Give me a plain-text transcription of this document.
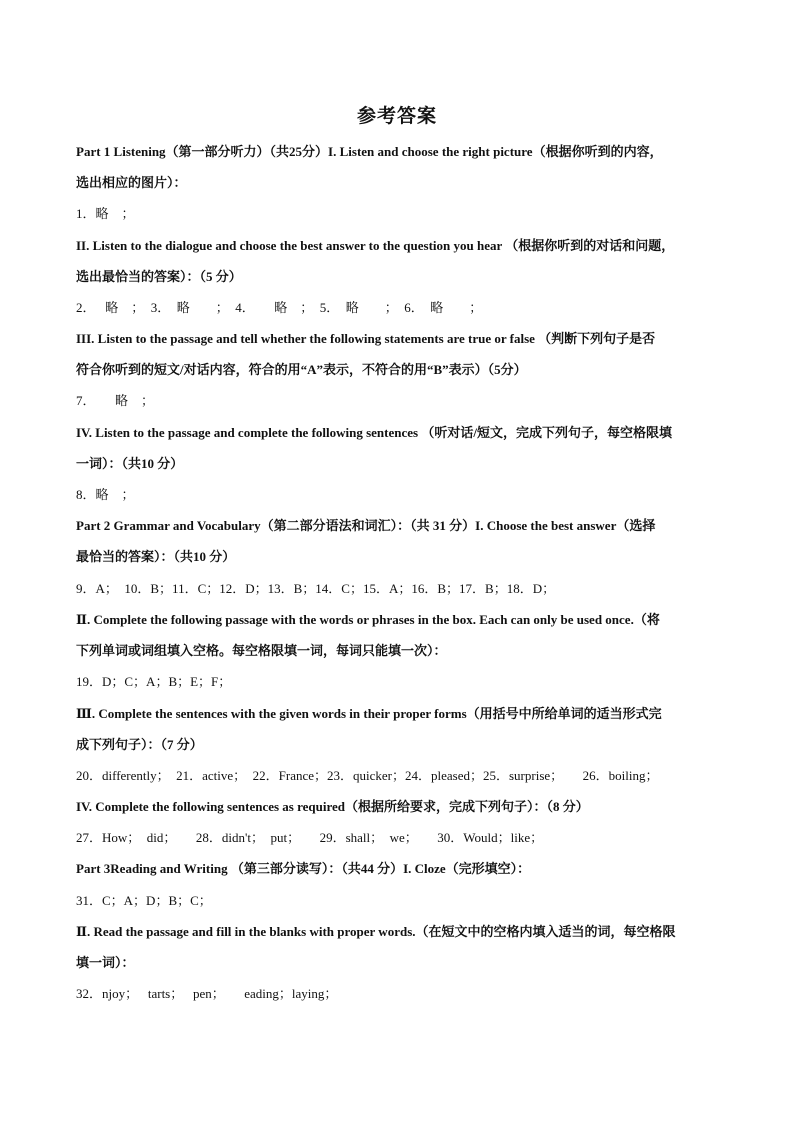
参考答案
Part 1 Listening（第一部分听力）（共25分）I. Listen and choose the right picture（根据你听到的内容，
选出相应的图片）：
1．略　；
II. Listen to the dialogue and choose the best answer to the question you hear （根据你听到的对话和问题，
选出最恰当的答案）：（5 分）
2．　 略　；　3．　略　　；　4．　　略　；　5．　略　　；　6．　略　　；
III. Listen to the passage and tell whether the following statements are true or false （判断下列句子是否
符合你听到的短文/对话内容，符合的用“A”表示，不符合的用“B”表示）（5分）
7．　　略　；
IV. Listen to the passage and complete the following sentences （听对话/短文，完成下列句子，每空格限填
一词）：（共10 分）
8．略　；
Part 2 Grammar and Vocabulary（第二部分语法和词汇）：（共 31 分）I. Choose the best answer（选择
最恰当的答案）：（共10 分）
9．A；　10．B；11．C；12．D；13．B；14．C；15．A；16．B；17．B；18．D；
Ⅱ. Complete the following passage with the words or phrases in the box. Each can only be used once.（将
下列单词或词组填入空格。每空格限填一词，每词只能填一次）：
19．D；C；A；B；E；F；
Ⅲ. Complete the sentences with the given words in their proper forms（用括号中所给单词的适当形式完
成下列句子）：（7 分）
20．differently；　21．active；　22．France；23．quicker；24．pleased；25．surprise；　　26．boiling；
IV. Complete the following sentences as required（根据所给要求，完成下列句子）：（8 分）
27．How；　did；　　28．didn't；　put；　　29．shall；　we；　　30．Would；like；
Part 3Reading and Writing （第三部分读写）：（共44 分）I. Cloze（完形填空）：
31．C；A；D；B；C；
Ⅱ. Read the passage and fill in the blanks with proper words.（在短文中的空格内填入适当的词，每空格限
填一词）：
32．njoy；　 tarts；　 pen；　　eading；laying；
